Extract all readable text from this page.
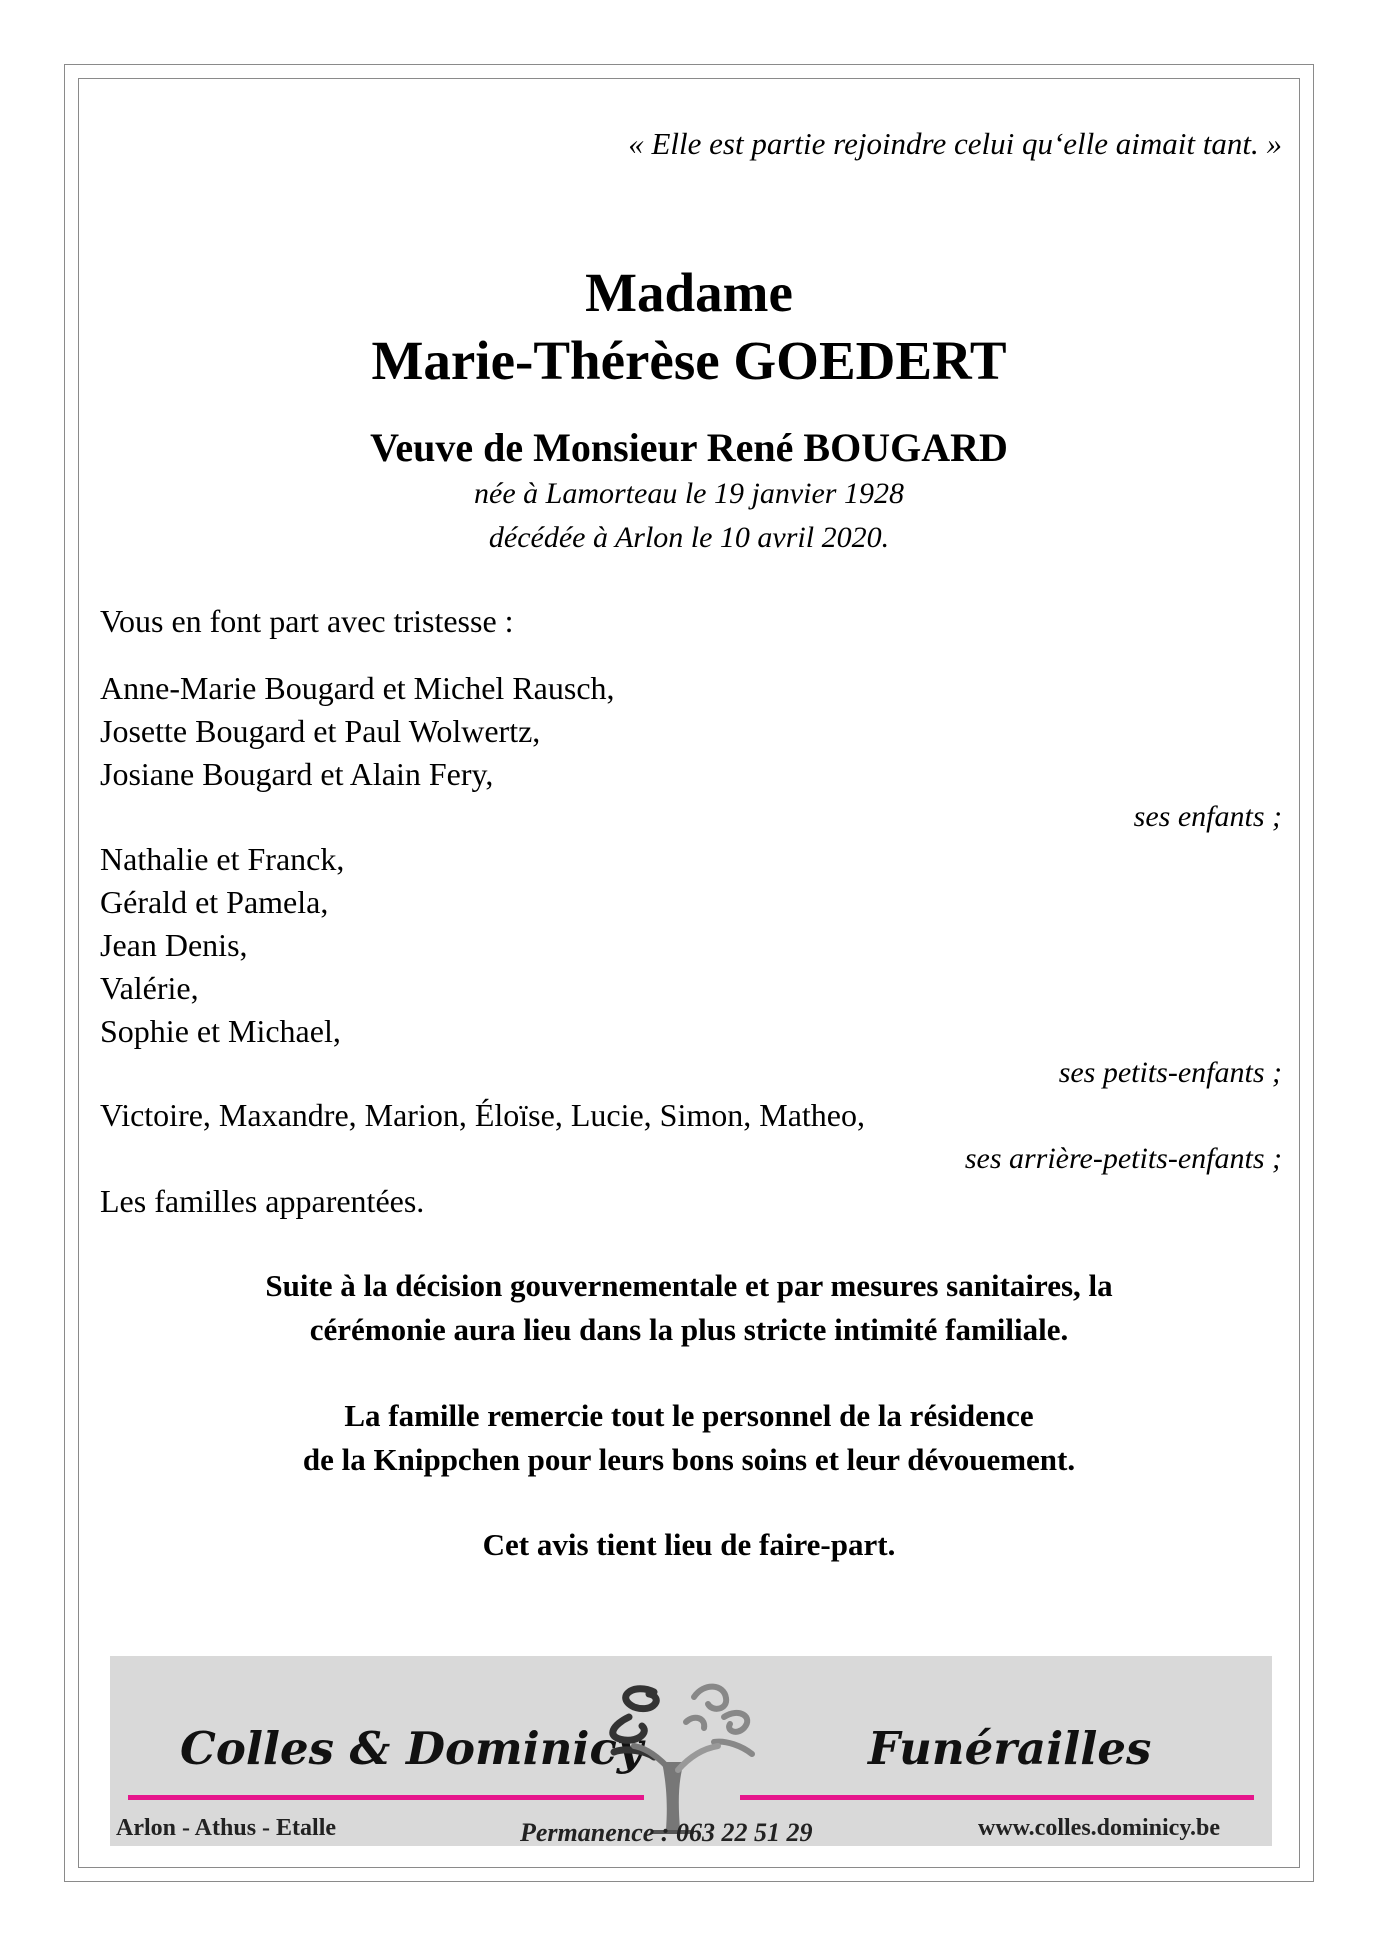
« Elle est partie rejoindre celui qu‘elle aimait tant. »
Madame
Marie-Thérèse GOEDERT
Veuve de Monsieur René BOUGARD
née à Lamorteau le 19 janvier 1928
décédée à Arlon le 10 avril 2020.
Vous en font part avec tristesse :
Anne-Marie Bougard et Michel Rausch,
Josette Bougard et Paul Wolwertz,
Josiane Bougard et Alain Fery,
ses enfants ;
Nathalie et Franck,
Gérald et Pamela,
Jean Denis,
Valérie,
Sophie et Michael,
ses petits-enfants ;
Victoire, Maxandre, Marion, Éloïse, Lucie, Simon, Matheo,
ses arrière-petits-enfants ;
Les familles apparentées.
Suite à la décision gouvernementale et par mesures sanitaires, la
cérémonie aura lieu dans la plus stricte intimité familiale.
La famille remercie tout le personnel de la résidence
de la Knippchen pour leurs bons soins et leur dévouement.
Cet avis tient lieu de faire-part.
Colles & Dominicy	Funérailles
Arlon - Athus - Etalle	Permanence : 063 22 51 29	www.colles.dominicy.be
